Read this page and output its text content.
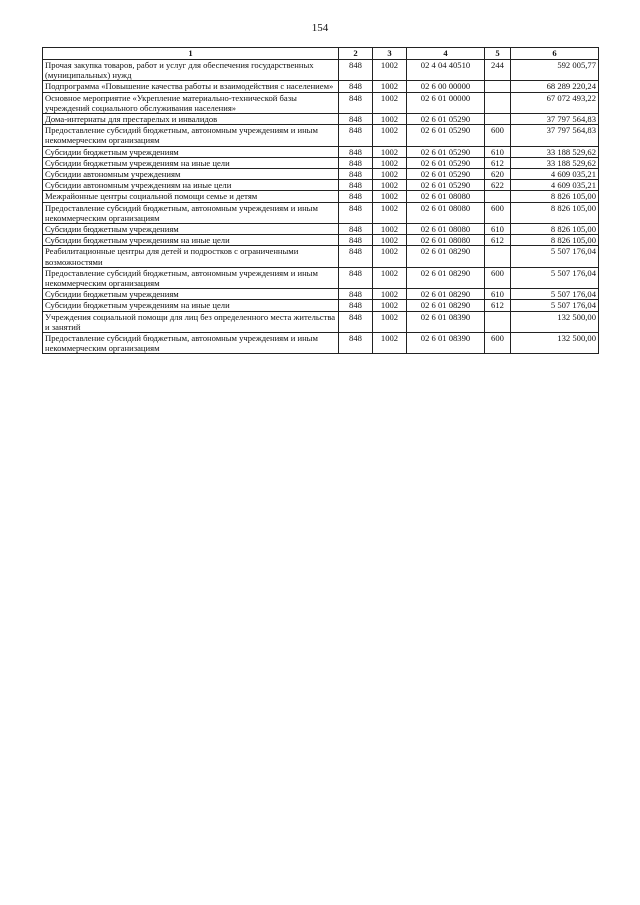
154
1	2	3	4	5	6
Прочая закупка товаров, работ и услуг для обеспечения государственных (муниципальных) нужд	848	1002	02 4 04 40510	244	592 005,77
Подпрограмма «Повышение качества работы и взаимодействия с населением»	848	1002	02 6 00 00000		68 289 220,24
Основное мероприятие «Укрепление материально-технической базы учреждений социального обслуживания населения»	848	1002	02 6 01 00000		67 072 493,22
Дома-интернаты для престарелых и инвалидов	848	1002	02 6 01 05290		37 797 564,83
Предоставление субсидий бюджетным, автономным учреждениям и иным некоммерческим организациям	848	1002	02 6 01 05290	600	37 797 564,83
Субсидии бюджетным учреждениям	848	1002	02 6 01 05290	610	33 188 529,62
Субсидии бюджетным учреждениям на иные цели	848	1002	02 6 01 05290	612	33 188 529,62
Субсидии автономным учреждениям	848	1002	02 6 01 05290	620	4 609 035,21
Субсидии автономным учреждениям на иные цели	848	1002	02 6 01 05290	622	4 609 035,21
Межрайонные центры социальной помощи семье и детям	848	1002	02 6 01 08080		8 826 105,00
Предоставление субсидий бюджетным, автономным учреждениям и иным некоммерческим организациям	848	1002	02 6 01 08080	600	8 826 105,00
Субсидии бюджетным учреждениям	848	1002	02 6 01 08080	610	8 826 105,00
Субсидии бюджетным учреждениям на иные цели	848	1002	02 6 01 08080	612	8 826 105,00
Реабилитационные центры для детей и подростков с ограниченными возможностями	848	1002	02 6 01 08290		5 507 176,04
Предоставление субсидий бюджетным, автономным учреждениям и иным некоммерческим организациям	848	1002	02 6 01 08290	600	5 507 176,04
Субсидии бюджетным учреждениям	848	1002	02 6 01 08290	610	5 507 176,04
Субсидии бюджетным учреждениям на иные цели	848	1002	02 6 01 08290	612	5 507 176,04
Учреждения социальной помощи для лиц без определенного места жительства и занятий	848	1002	02 6 01 08390		132 500,00
Предоставление субсидий бюджетным, автономным учреждениям и иным некоммерческим организациям	848	1002	02 6 01 08390	600	132 500,00
